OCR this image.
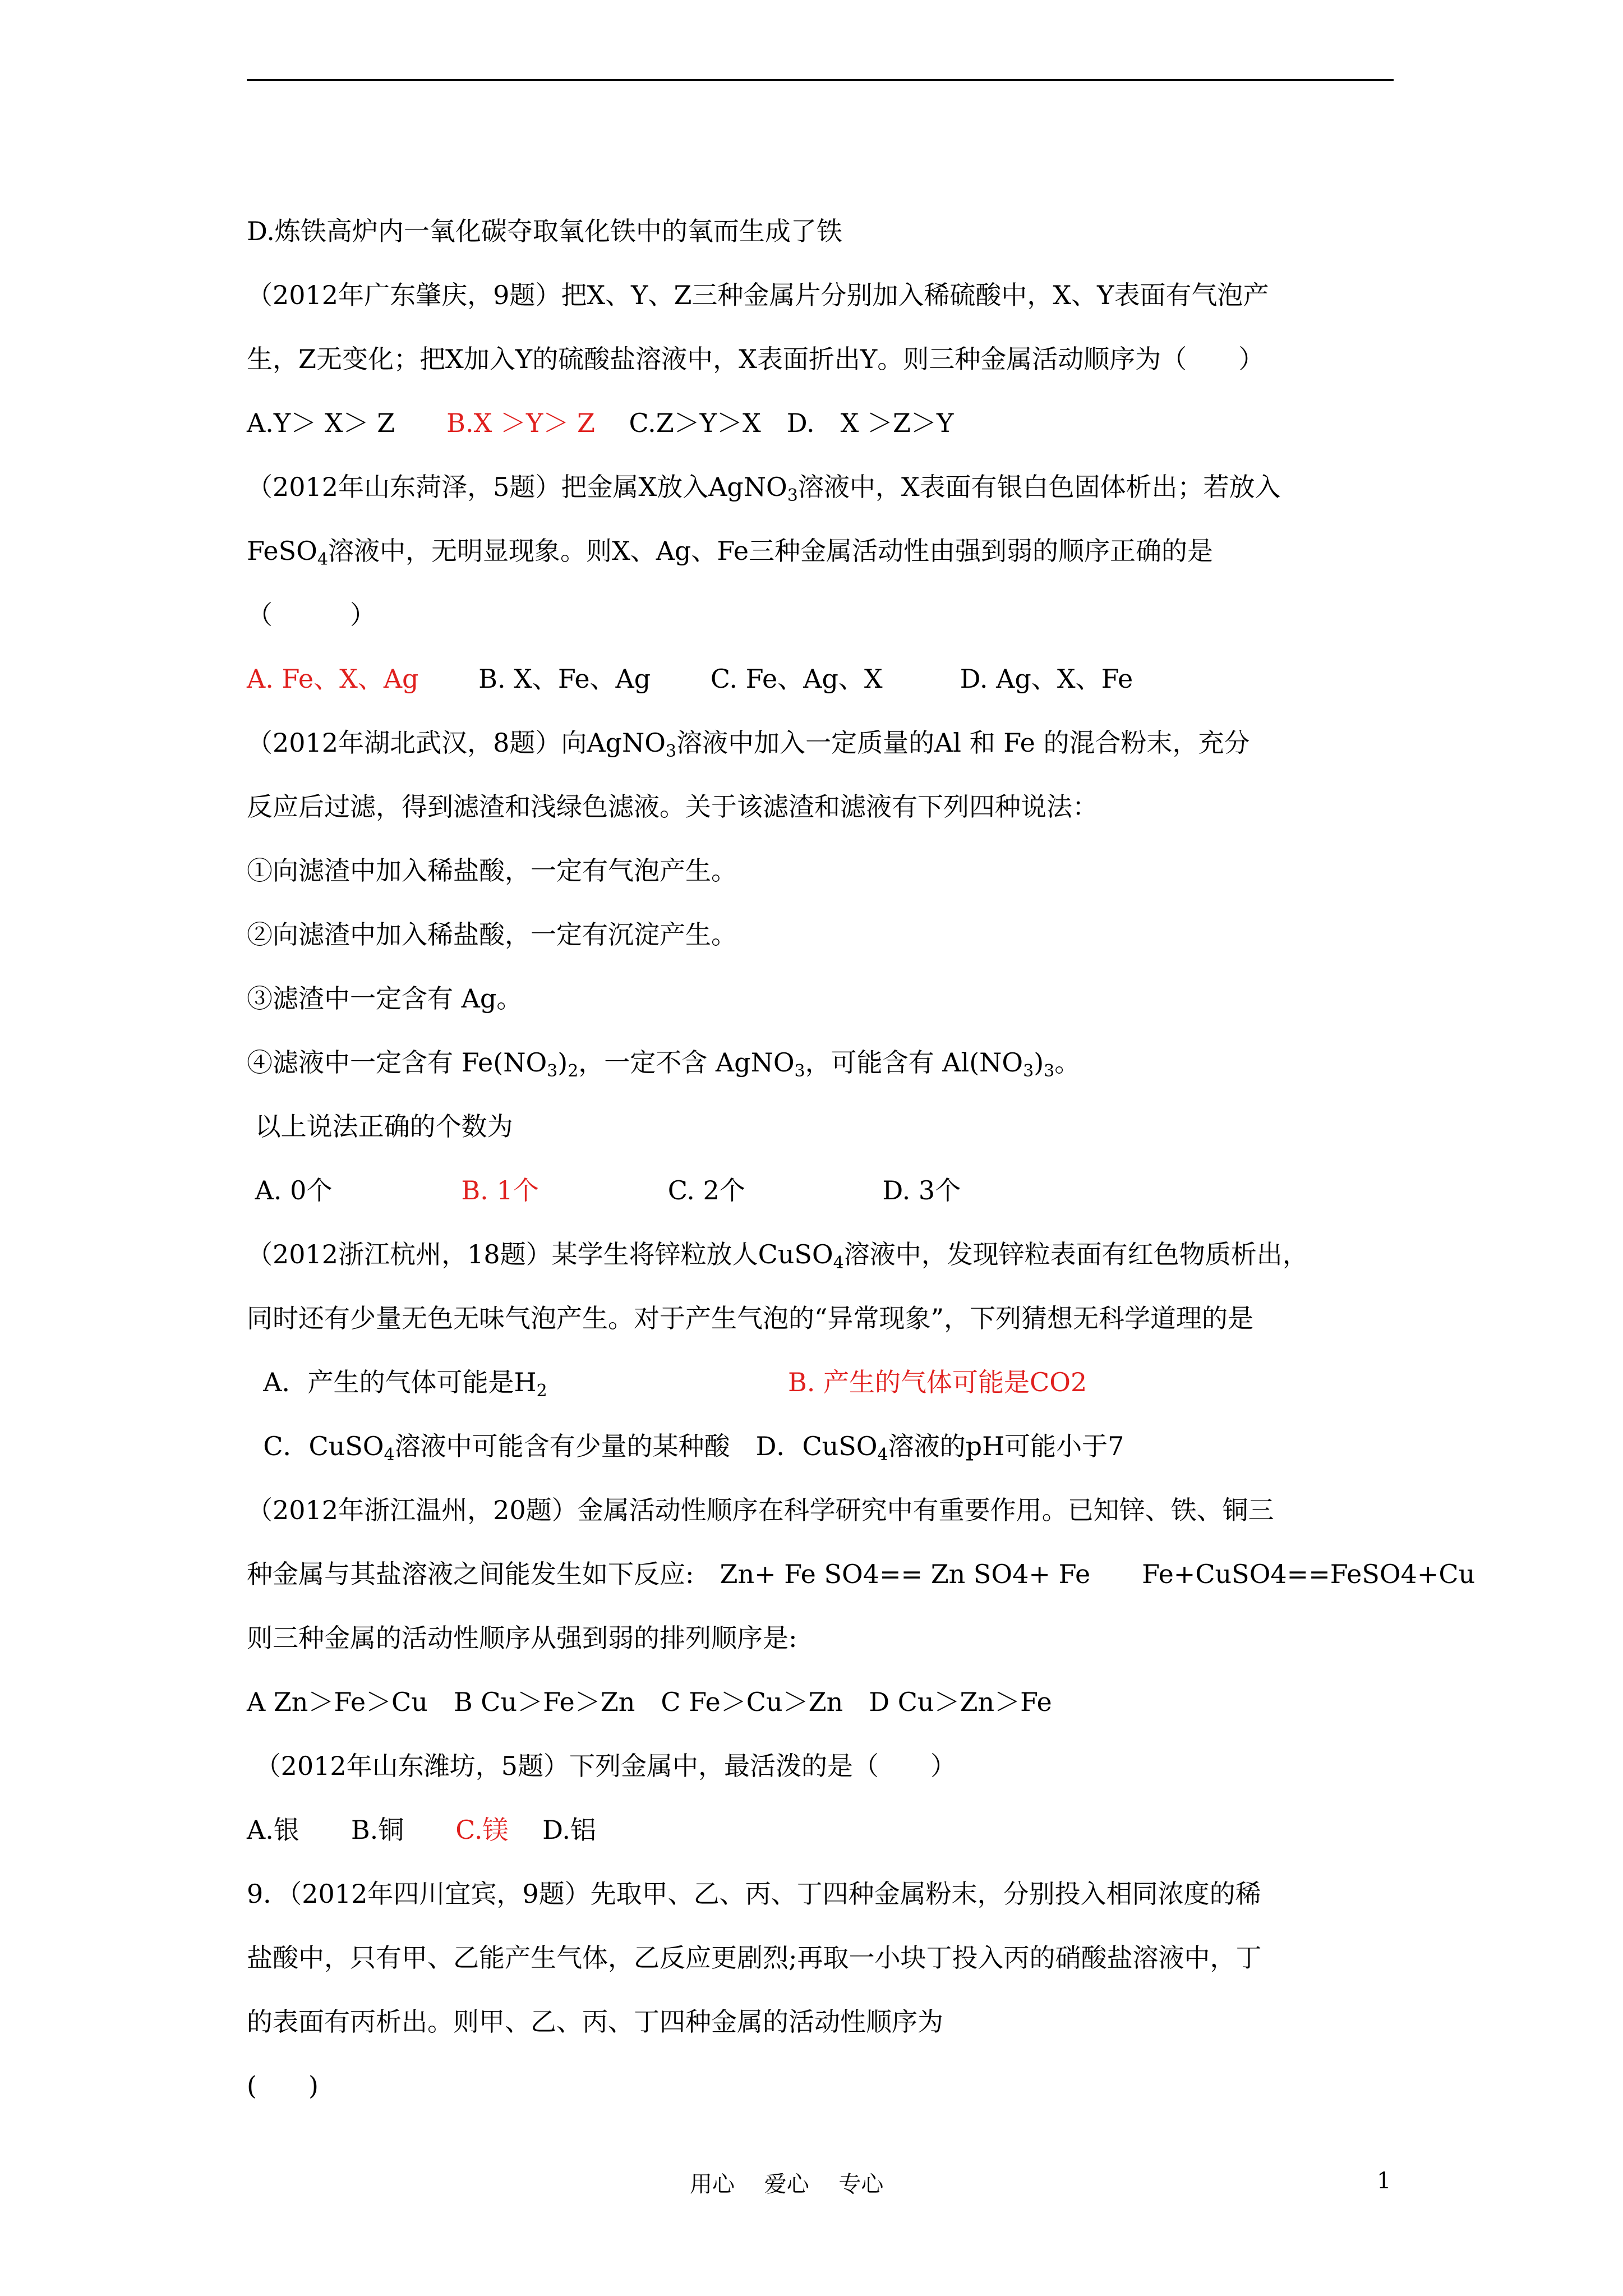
D.炼铁高炉内一氧化碳夺取氧化铁中的氧而生成了铁
（2012年广东肇庆，9题）把X、Y、Z三种金属片分别加入稀硫酸中，X、Y表面有气泡产
生，Z无变化；把X加入Y的硫酸盐溶液中，X表面折出Y。则三种金属活动顺序为（　　）
A.Y＞ X＞ Z　　B.X ＞Y＞ Z　 C.Z＞Y＞X　D.　X ＞Z＞Y
（2012年山东菏泽，5题）把金属X放入AgNO$_3$溶液中，X表面有银白色固体析出；若放入
FeSO$_4$溶液中，无明显现象。则X、Ag、Fe三种金属活动性由强到弱的顺序正确的是
（　　　）
A. Fe、X、Ag　　 B. X、Fe、Ag　　 C. Fe、Ag、X　　　D. Ag、X、Fe
（2012年湖北武汉，8题）向AgNO$_3$溶液中加入一定质量的Al 和 Fe 的混合粉末，充分
反应后过滤，得到滤渣和浅绿色滤液。关于该滤渣和滤液有下列四种说法：
①向滤渣中加入稀盐酸，一定有气泡产生。
②向滤渣中加入稀盐酸，一定有沉淀产生。
③滤渣中一定含有 Ag。
④滤液中一定含有 $Fe(NO_3)_2$，一定不含 AgNO$_3$，可能含有 $Al(NO_3)_3$。
以上说法正确的个数为
A. 0个　　　　　B. 1个　　　　　C. 2个　　　　　 D. 3个
（2012浙江杭州，18题）某学生将锌粒放人CuSO$_4$溶液中，发现锌粒表面有红色物质析出，
同时还有少量无色无味气泡产生。对于产生气泡的“异常现象”，下列猜想无科学道理的是
A．产生的气体可能是$H_2$	B. 产生的气体可能是CO2
C．CuSO$_4$溶液中可能含有少量的某种酸　D．CuSO$_4$溶液的pH可能小于7
（2012年浙江温州，20题）金属活动性顺序在科学研究中有重要作用。已知锌、铁、铜三
种金属与其盐溶液之间能发生如下反应:　Zn+ Fe SO4== Zn SO4+ Fe　　Fe+CuSO4==FeSO4+Cu
则三种金属的活动性顺序从强到弱的排列顺序是:
A Zn＞Fe＞Cu　B Cu＞Fe＞Zn　C Fe＞Cu＞Zn　D Cu＞Zn＞Fe
（2012年山东潍坊，5题）下列金属中，最活泼的是（　　）
A.银　　B.铜　　C.镁　 D.铝
9．（2012年四川宜宾，9题）先取甲、乙、丙、丁四种金属粉末，分别投入相同浓度的稀
盐酸中，只有甲、乙能产生气体，乙反应更剧烈;再取一小块丁投入丙的硝酸盐溶液中，丁
的表面有丙析出。则甲、乙、丙、丁四种金属的活动性顺序为
(　　)
用心　 爱心　 专心	1
